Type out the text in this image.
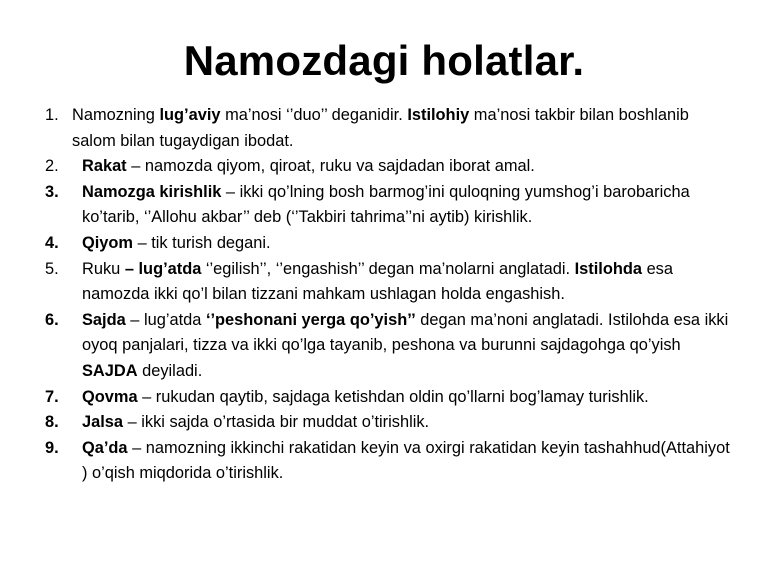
Namozdagi holatlar.
1. Namozning lug’aviy ma’nosi ‘’duo’’ deganidir. Istilohiy ma’nosi takbir bilan boshlanib salom bilan tugaydigan ibodat.
2.	Rakat – namozda qiyom, qiroat, ruku va sajdadan iborat amal.
3.	Namozga kirishlik – ikki qo’lning bosh barmog’ini quloqning yumshog’i barobaricha ko’tarib, ‘’Allohu akbar’’ deb (‘’Takbiri tahrima’’ni aytib) kirishlik.
4.	Qiyom – tik turish degani.
5.	Ruku – lug’atda ‘’egilish’’, ‘’engashish’’ degan ma’nolarni anglatadi. Istilohda esa namozda ikki qo’l bilan tizzani mahkam ushlagan holda engashish.
6.	Sajda – lug’atda ‘’peshonani yerga qo’yish’’ degan ma’noni anglatadi. Istilohda esa ikki oyoq panjalari, tizza va ikki qo’lga tayanib, peshona va burunni sajdagohga qo’yish SAJDA deyiladi.
7.	Qovma – rukudan qaytib, sajdaga ketishdan oldin qo’llarni bog’lamay turishlik.
8.	Jalsa – ikki sajda o’rtasida bir muddat o’tirishlik.
9.	Qa’da – namozning ikkinchi rakatidan keyin va oxirgi rakatidan keyin tashahhud(Attahiyot ) o’qish miqdorida o’tirishlik.
